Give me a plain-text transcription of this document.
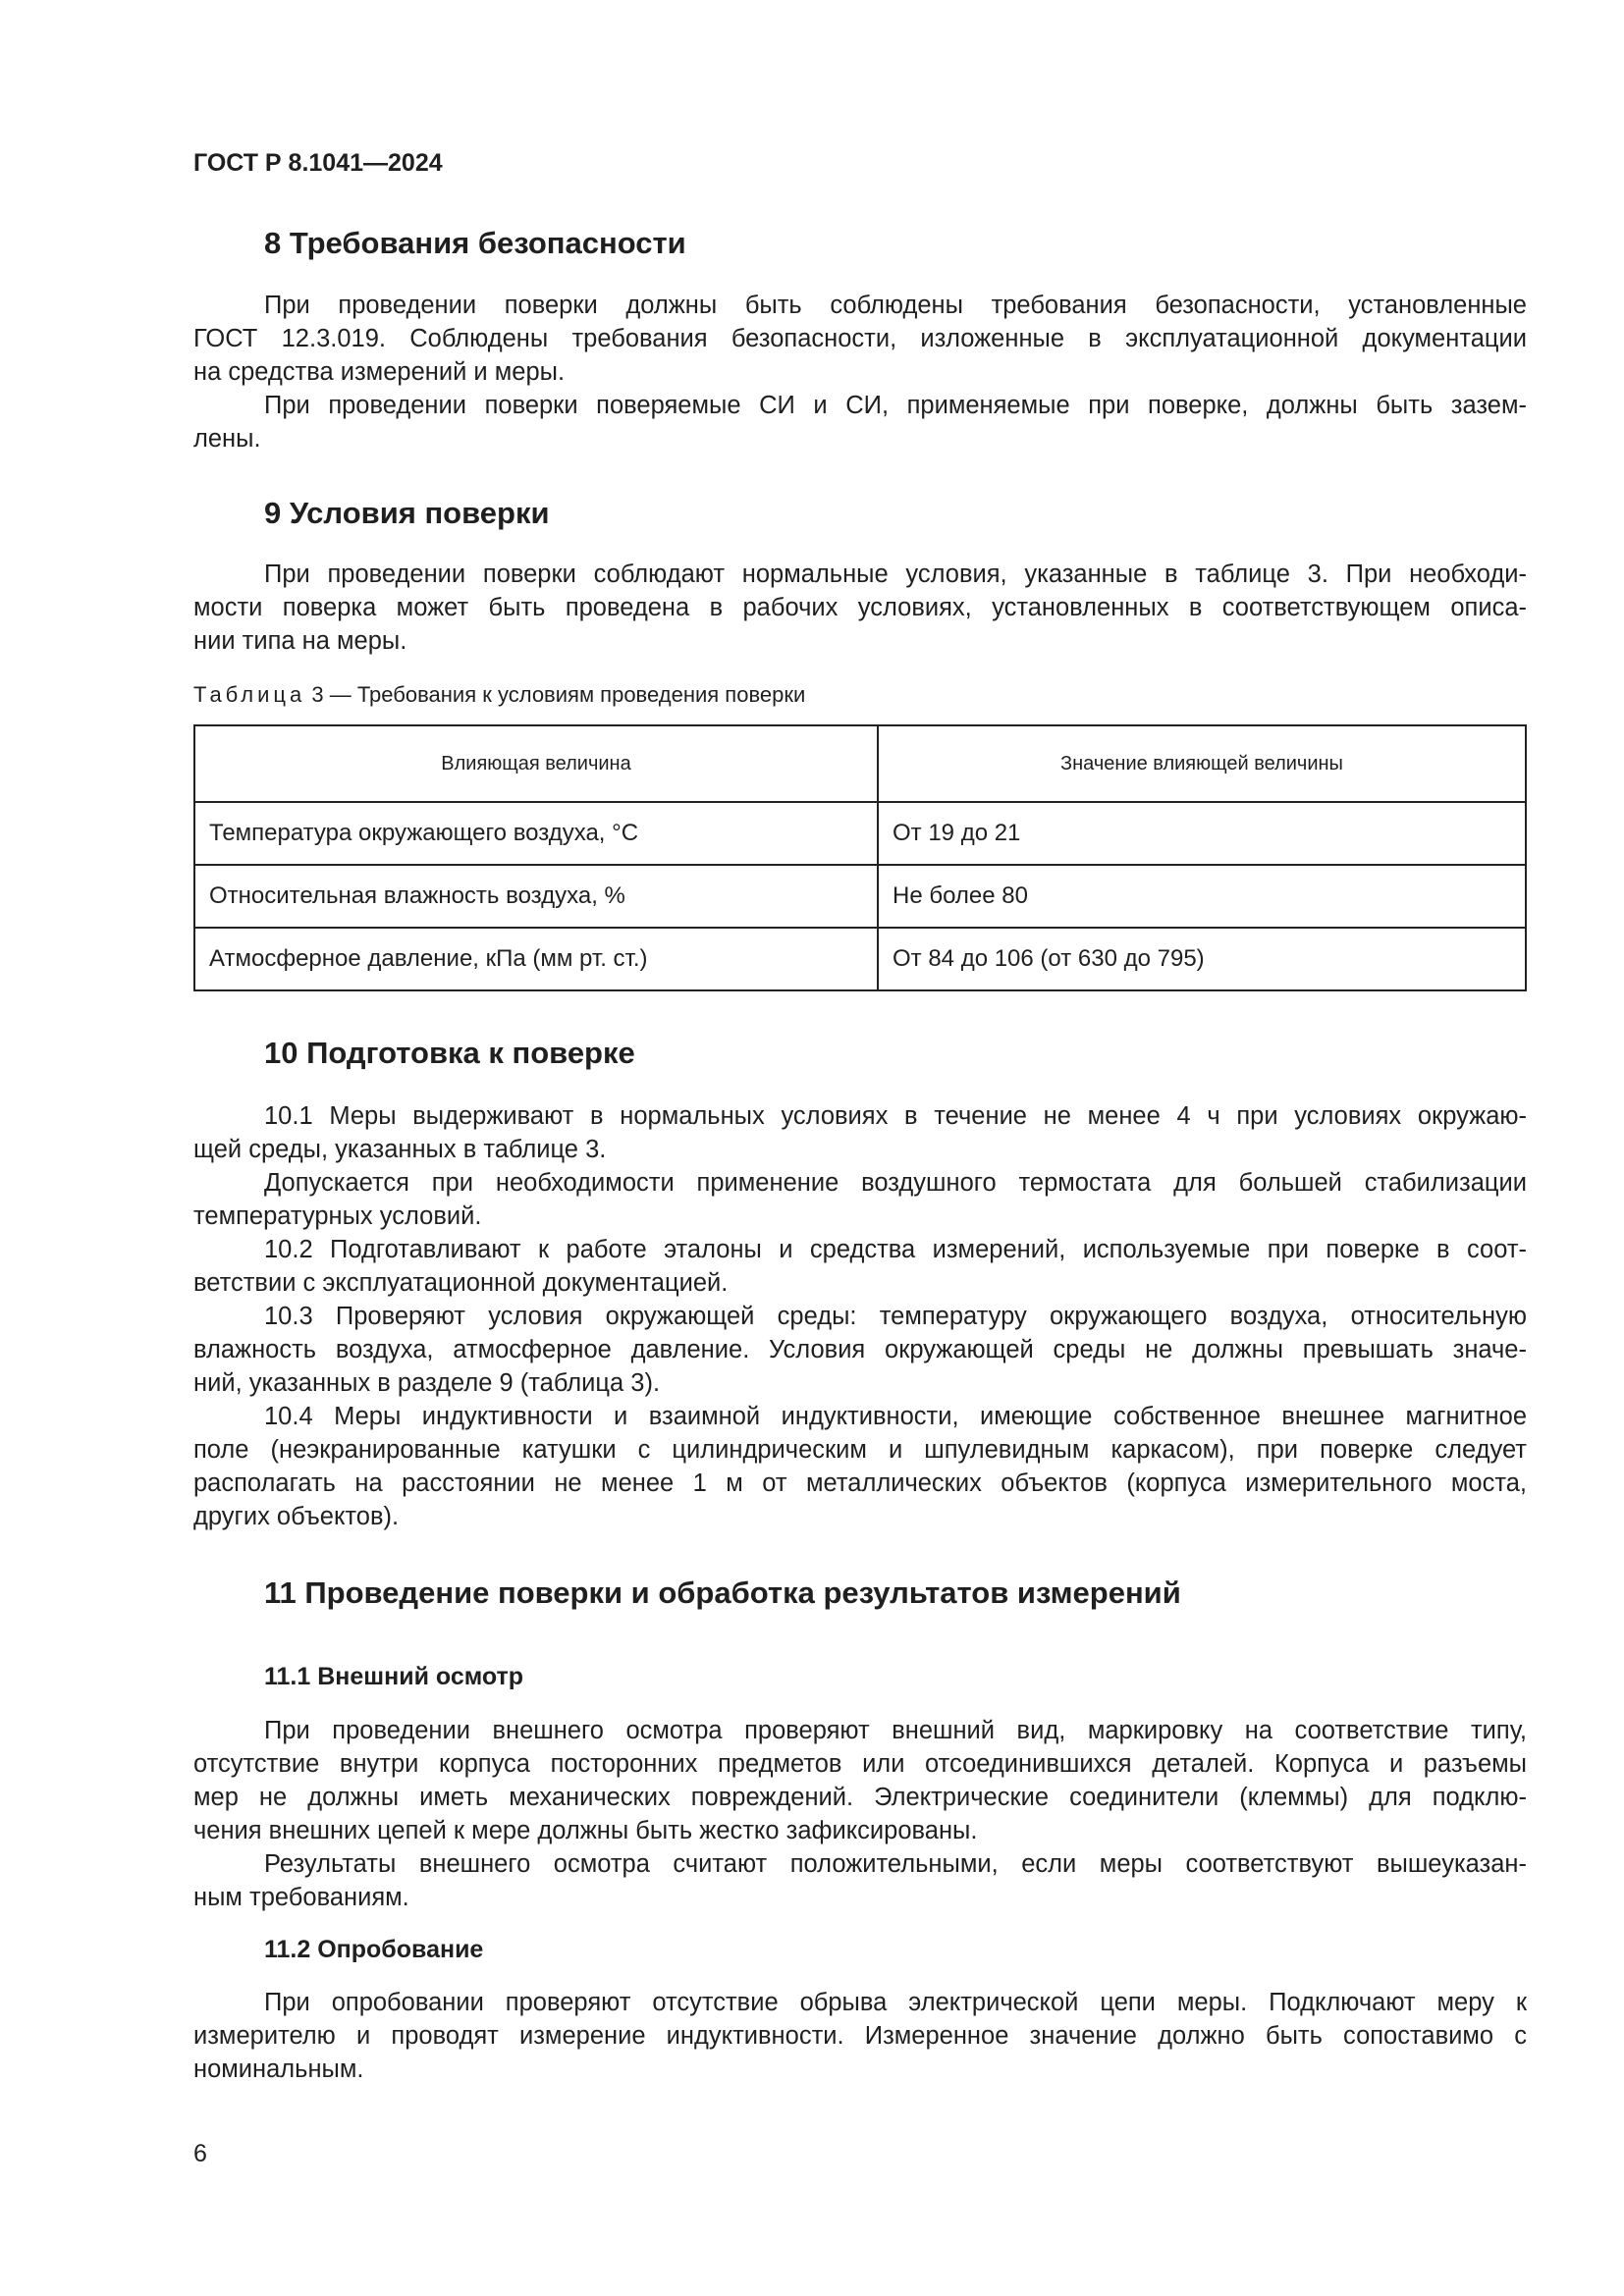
ГОСТ Р 8.1041—2024
8 Требования безопасности
При проведении поверки должны быть соблюдены требования безопасности, установленные
ГОСТ 12.3.019. Соблюдены требования безопасности, изложенные в эксплуатационной документации
на средства измерений и меры.
При проведении поверки поверяемые СИ и СИ, применяемые при поверке, должны быть зазем-
лены.
9 Условия поверки
При проведении поверки соблюдают нормальные условия, указанные в таблице 3. При необходи-
мости поверка может быть проведена в рабочих условиях, установленных в соответствующем описа-
нии типа на меры.
Таблица 3 — Требования к условиям проведения поверки
Влияющая величина	Значение влияющей величины
Температура окружающего воздуха, °С	От 19 до 21
Относительная влажность воздуха, %	Не более 80
Атмосферное давление, кПа (мм рт. ст.)	От 84 до 106 (от 630 до 795)
10 Подготовка к поверке
10.1 Меры выдерживают в нормальных условиях в течение не менее 4 ч при условиях окружаю-
щей среды, указанных в таблице 3.
Допускается при необходимости применение воздушного термостата для большей стабилизации
температурных условий.
10.2 Подготавливают к работе эталоны и средства измерений, используемые при поверке в соот-
ветствии с эксплуатационной документацией.
10.3 Проверяют условия окружающей среды: температуру окружающего воздуха, относительную
влажность воздуха, атмосферное давление. Условия окружающей среды не должны превышать значе-
ний, указанных в разделе 9 (таблица 3).
10.4 Меры индуктивности и взаимной индуктивности, имеющие собственное внешнее магнитное
поле (неэкранированные катушки с цилиндрическим и шпулевидным каркасом), при поверке следует
располагать на расстоянии не менее 1 м от металлических объектов (корпуса измерительного моста,
других объектов).
11 Проведение поверки и обработка результатов измерений
11.1 Внешний осмотр
При проведении внешнего осмотра проверяют внешний вид, маркировку на соответствие типу,
отсутствие внутри корпуса посторонних предметов или отсоединившихся деталей. Корпуса и разъемы
мер не должны иметь механических повреждений. Электрические соединители (клеммы) для подклю-
чения внешних цепей к мере должны быть жестко зафиксированы.
Результаты внешнего осмотра считают положительными, если меры соответствуют вышеуказан-
ным требованиям.
11.2 Опробование
При опробовании проверяют отсутствие обрыва электрической цепи меры. Подключают меру к
измерителю и проводят измерение индуктивности. Измеренное значение должно быть сопоставимо с
номинальным.
6
